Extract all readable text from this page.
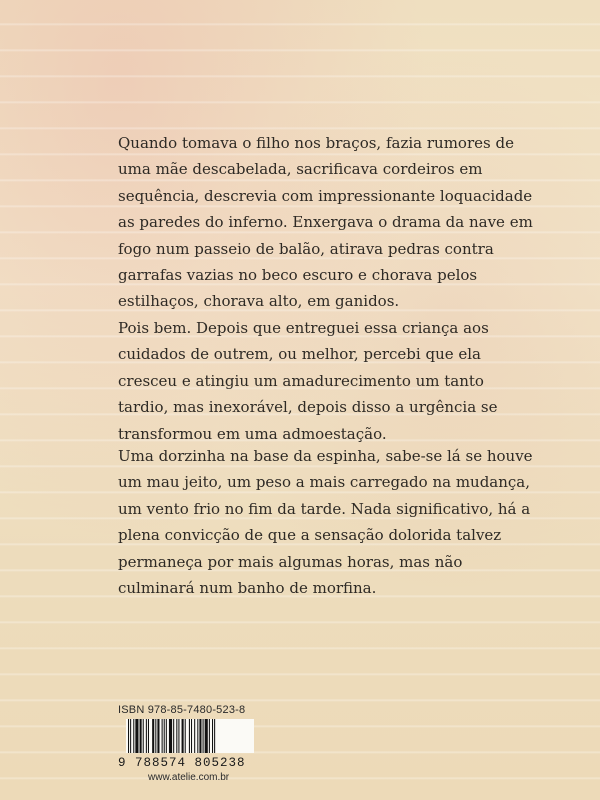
Quando tomava o filho nos braços, fazia rumores de uma mãe descabelada, sacrificava cordeiros em sequência, descrevia com impressionante loquacidade as paredes do inferno. Enxergava o drama da nave em fogo num passeio de balão, atirava pedras contra garrafas vazias no beco escuro e chorava pelos estilhaços, chorava alto, em ganidos.

Pois bem. Depois que entreguei essa criança aos cuidados de outrem, ou melhor, percebi que ela cresceu e atingiu um amadurecimento um tanto tardio, mas inexorável, depois disso a urgência se transformou em uma admoestação.

Uma dorzinha na base da espinha, sabe-se lá se houve um mau jeito, um peso a mais carregado na mudança, um vento frio no fim da tarde. Nada significativo, há a plena convicção de que a sensação dolorida talvez permaneça por mais algumas horas, mas não culminará num banho de morfina.

ISBN 978-85-7480-523-8
9 788574 805238
www.atelie.com.br
